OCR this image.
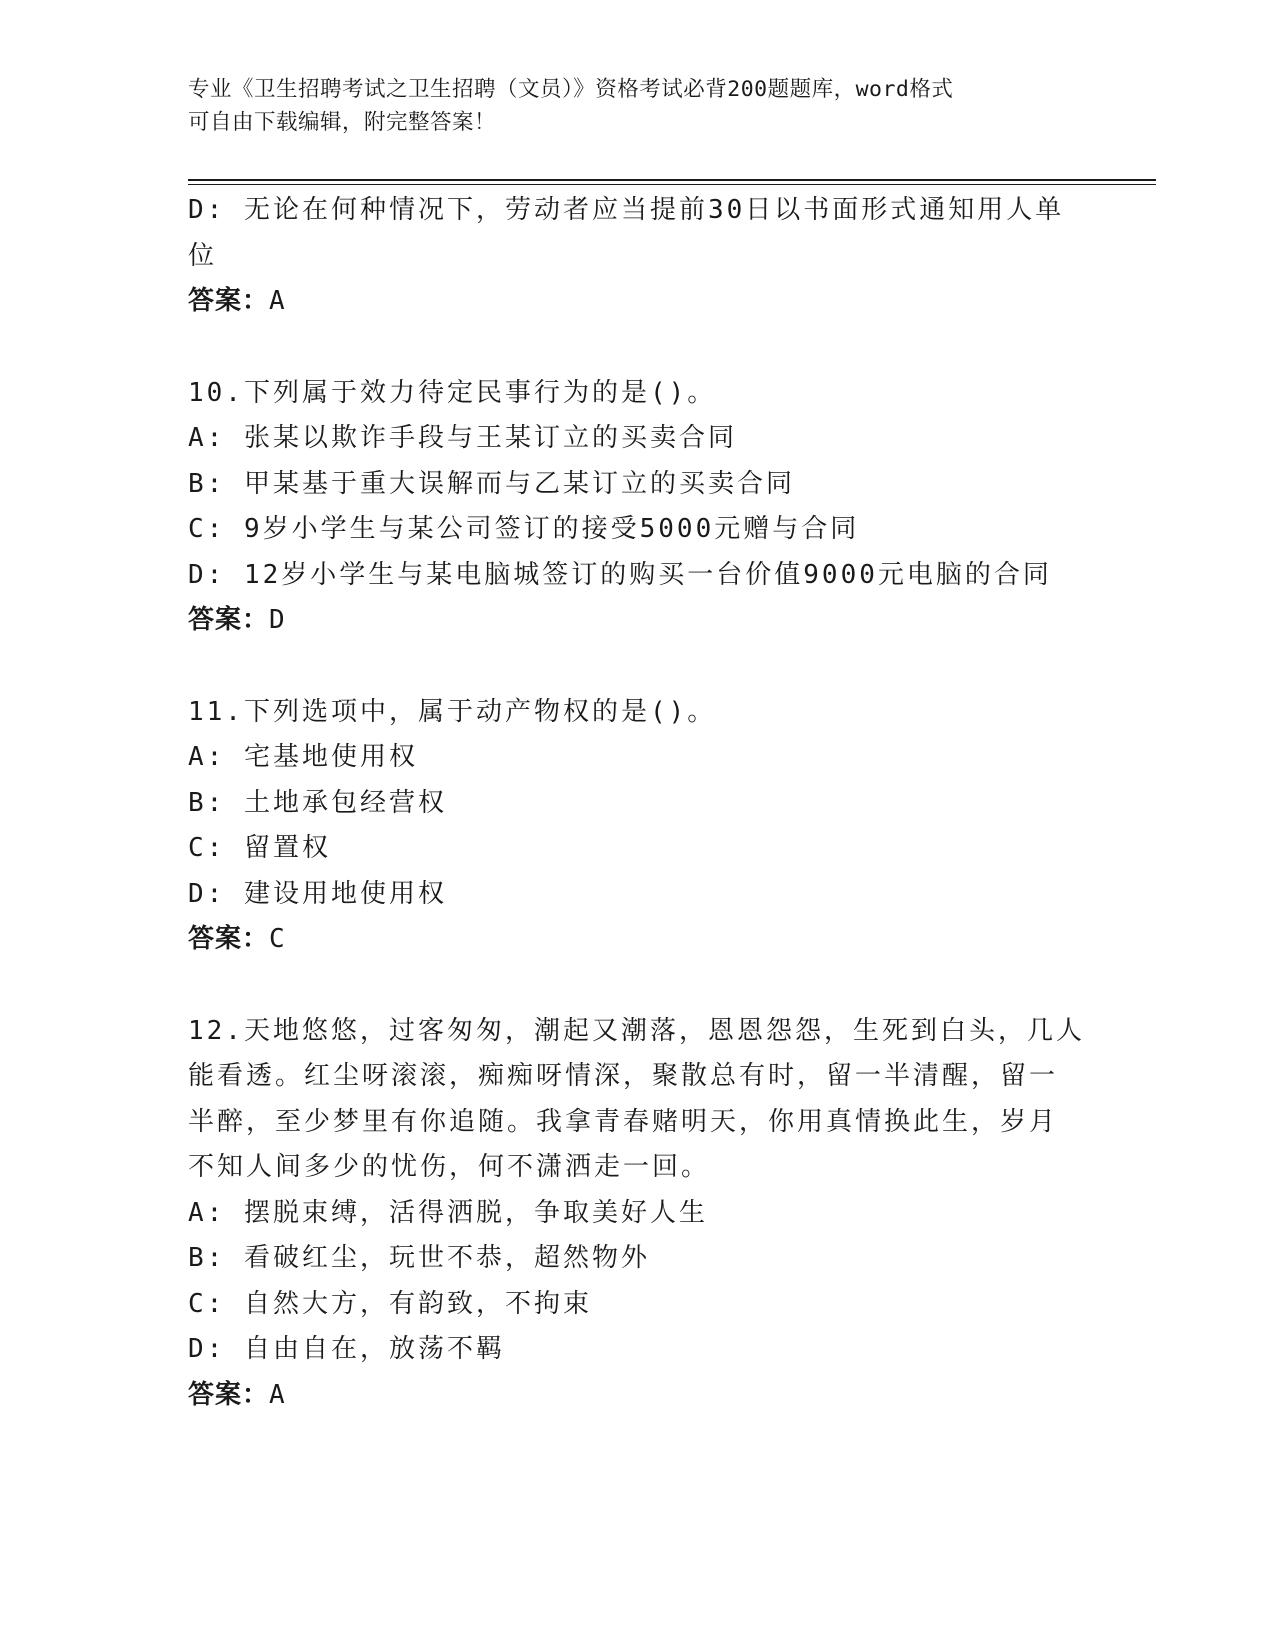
专业《卫生招聘考试之卫生招聘（文员）》资格考试必背200题题库，word格式
可自由下载编辑，附完整答案！
D: 无论在何种情况下，劳动者应当提前30日以书面形式通知用人单
位
答案：A
10.下列属于效力待定民事行为的是()。
A: 张某以欺诈手段与王某订立的买卖合同
B: 甲某基于重大误解而与乙某订立的买卖合同
C: 9岁小学生与某公司签订的接受5000元赠与合同
D: 12岁小学生与某电脑城签订的购买一台价值9000元电脑的合同
答案：D
11.下列选项中，属于动产物权的是()。
A: 宅基地使用权
B: 土地承包经营权
C: 留置权
D: 建设用地使用权
答案：C
12.天地悠悠，过客匆匆，潮起又潮落，恩恩怨怨，生死到白头，几人
能看透。红尘呀滚滚，痴痴呀情深，聚散总有时，留一半清醒，留一
半醉，至少梦里有你追随。我拿青春赌明天，你用真情换此生，岁月
不知人间多少的忧伤，何不潇洒走一回。
A: 摆脱束缚，活得洒脱，争取美好人生
B: 看破红尘，玩世不恭，超然物外
C: 自然大方，有韵致，不拘束
D: 自由自在，放荡不羁
答案：A
